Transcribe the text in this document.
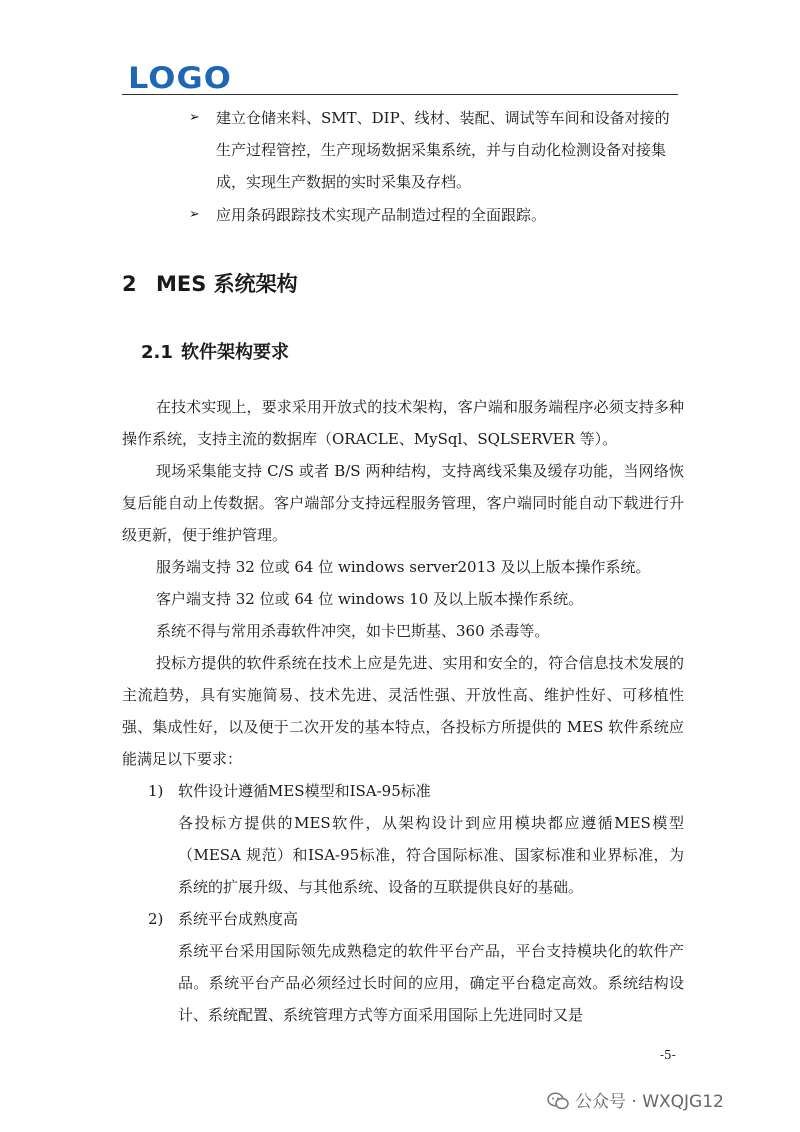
LOGO
➢ 建立仓储来料、SMT、DIP、线材、装配、调试等车间和设备对接的生产过程管控，生产现场数据采集系统，并与自动化检测设备对接集成，实现生产数据的实时采集及存档。
➢ 应用条码跟踪技术实现产品制造过程的全面跟踪。
2 MES 系统架构
2.1 软件架构要求
在技术实现上，要求采用开放式的技术架构，客户端和服务端程序必须支持多种操作系统，支持主流的数据库（ORACLE、MySql、SQLSERVER 等）。
现场采集能支持 C/S 或者 B/S 两种结构，支持离线采集及缓存功能，当网络恢复后能自动上传数据。客户端部分支持远程服务管理，客户端同时能自动下载进行升级更新，便于维护管理。
服务端支持 32 位或 64 位 windows server2013 及以上版本操作系统。
客户端支持 32 位或 64 位 windows 10 及以上版本操作系统。
系统不得与常用杀毒软件冲突，如卡巴斯基、360 杀毒等。
投标方提供的软件系统在技术上应是先进、实用和安全的，符合信息技术发展的主流趋势，具有实施简易、技术先进、灵活性强、开放性高、维护性好、可移植性强、集成性好，以及便于二次开发的基本特点，各投标方所提供的 MES 软件系统应能满足以下要求：
1) 软件设计遵循MES模型和ISA-95标准
各投标方提供的MES软件，从架构设计到应用模块都应遵循MES模型（MESA 规范）和ISA-95标准，符合国际标准、国家标准和业界标准，为系统的扩展升级、与其他系统、设备的互联提供良好的基础。
2) 系统平台成熟度高
系统平台采用国际领先成熟稳定的软件平台产品，平台支持模块化的软件产品。系统平台产品必须经过长时间的应用，确定平台稳定高效。系统结构设计、系统配置、系统管理方式等方面采用国际上先进同时又是
-5-
公众号 · WXQJG12
